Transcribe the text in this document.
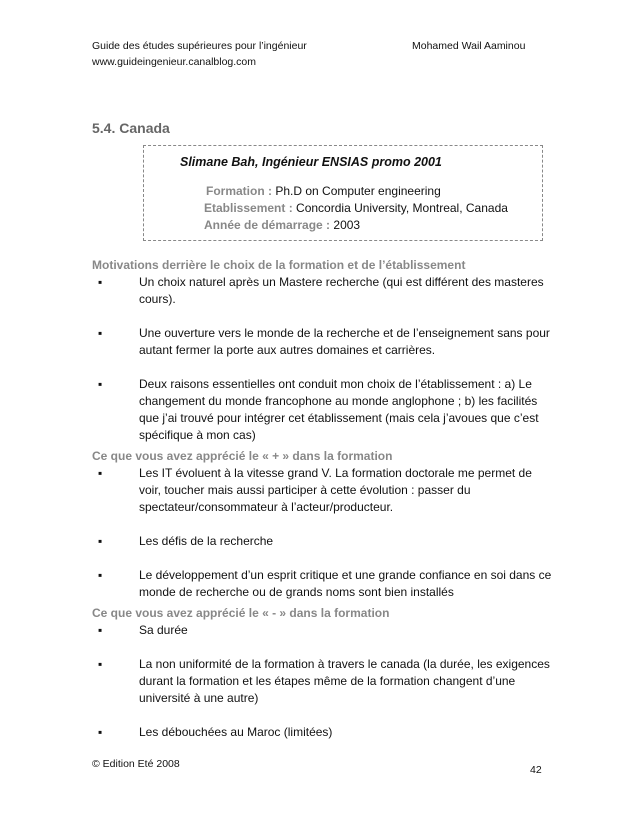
Guide des études supérieures pour l’ingénieur
www.guideingenieur.canalblog.com
Mohamed Wail Aaminou
5.4. Canada
Slimane Bah, Ingénieur ENSIAS promo 2001
Formation : Ph.D on Computer engineering
Etablissement : Concordia University, Montreal, Canada
Année de démarrage : 2003
Motivations derrière le choix de la formation et de l’établissement
▪ Un choix naturel après un Mastere recherche (qui est différent des masteres cours).
▪ Une ouverture vers le monde de la recherche et de l’enseignement sans pour autant fermer la porte aux autres domaines et carrières.
▪ Deux raisons essentielles ont conduit mon choix de l’établissement : a) Le changement du monde francophone au monde anglophone ; b) les facilités que j’ai trouvé pour intégrer cet établissement (mais cela j’avoues que c’est spécifique à mon cas)
Ce que vous avez apprécié le « + » dans la formation
▪ Les IT évoluent à la vitesse grand V. La formation doctorale me permet de voir, toucher mais aussi participer à cette évolution : passer du spectateur/consommateur à l’acteur/producteur.
▪ Les défis de la recherche
▪ Le développement d’un esprit critique et une grande confiance en soi dans ce monde de recherche ou de grands noms sont bien installés
Ce que vous avez apprécié le « - » dans la formation
▪ Sa durée
▪ La non uniformité de la formation à travers le canada (la durée, les exigences durant la formation et les étapes même de la formation changent d’une université à une autre)
▪ Les débouchées au Maroc (limitées)
© Edition Eté 2008	42
